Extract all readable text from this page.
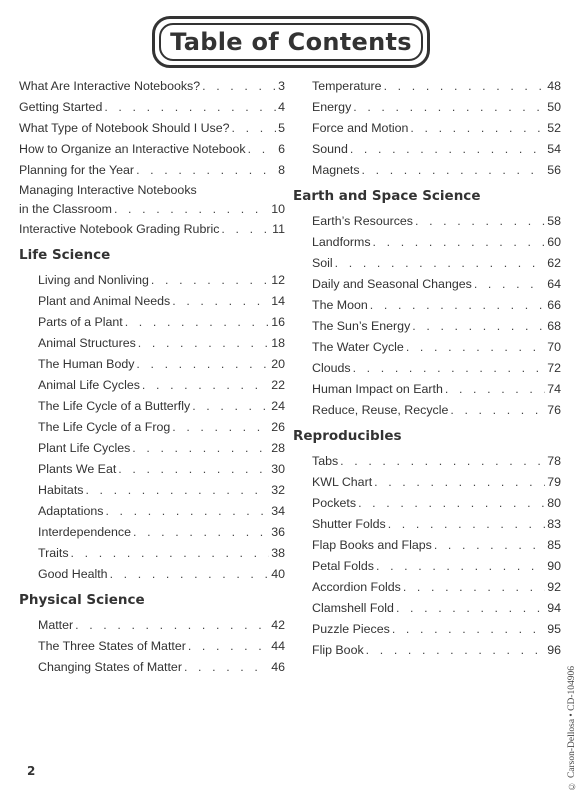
Table of Contents
What Are Interactive Notebooks? . . .	3
Getting Started . . .	4
What Type of Notebook Should I Use? . . .	5
How to Organize an Interactive Notebook . . .	6
Planning for the Year . . .	8
Managing Interactive Notebooks
in the Classroom . . .	10
Interactive Notebook Grading Rubric . . .	11
Life Science
Living and Nonliving . . .	12
Plant and Animal Needs . . .	14
Parts of a Plant . . .	16
Animal Structures . . .	18
The Human Body . . .	20
Animal Life Cycles . . .	22
The Life Cycle of a Butterfly . . .	24
The Life Cycle of a Frog . . .	26
Plant Life Cycles . . .	28
Plants We Eat . . .	30
Habitats . . .	32
Adaptations . . .	34
Interdependence . . .	36
Traits . . .	38
Good Health . . .	40
Physical Science
Matter . . .	42
The Three States of Matter . . .	44
Changing States of Matter . . .	46
Temperature . . .	48
Energy . . .	50
Force and Motion . . .	52
Sound . . .	54
Magnets . . .	56
Earth and Space Science
Earth’s Resources . . .	58
Landforms . . .	60
Soil . . .	62
Daily and Seasonal Changes . . .	64
The Moon . . .	66
The Sun’s Energy . . .	68
The Water Cycle . . .	70
Clouds . . .	72
Human Impact on Earth . . .	74
Reduce, Reuse, Recycle . . .	76
Reproducibles
Tabs . . .	78
KWL Chart . . .	79
Pockets . . .	80
Shutter Folds . . .	83
Flap Books and Flaps . . .	85
Petal Folds . . .	90
Accordion Folds . . .	92
Clamshell Fold . . .	94
Puzzle Pieces . . .	95
Flip Book . . .	96
© Carson-Dellosa • CD-104906
2
